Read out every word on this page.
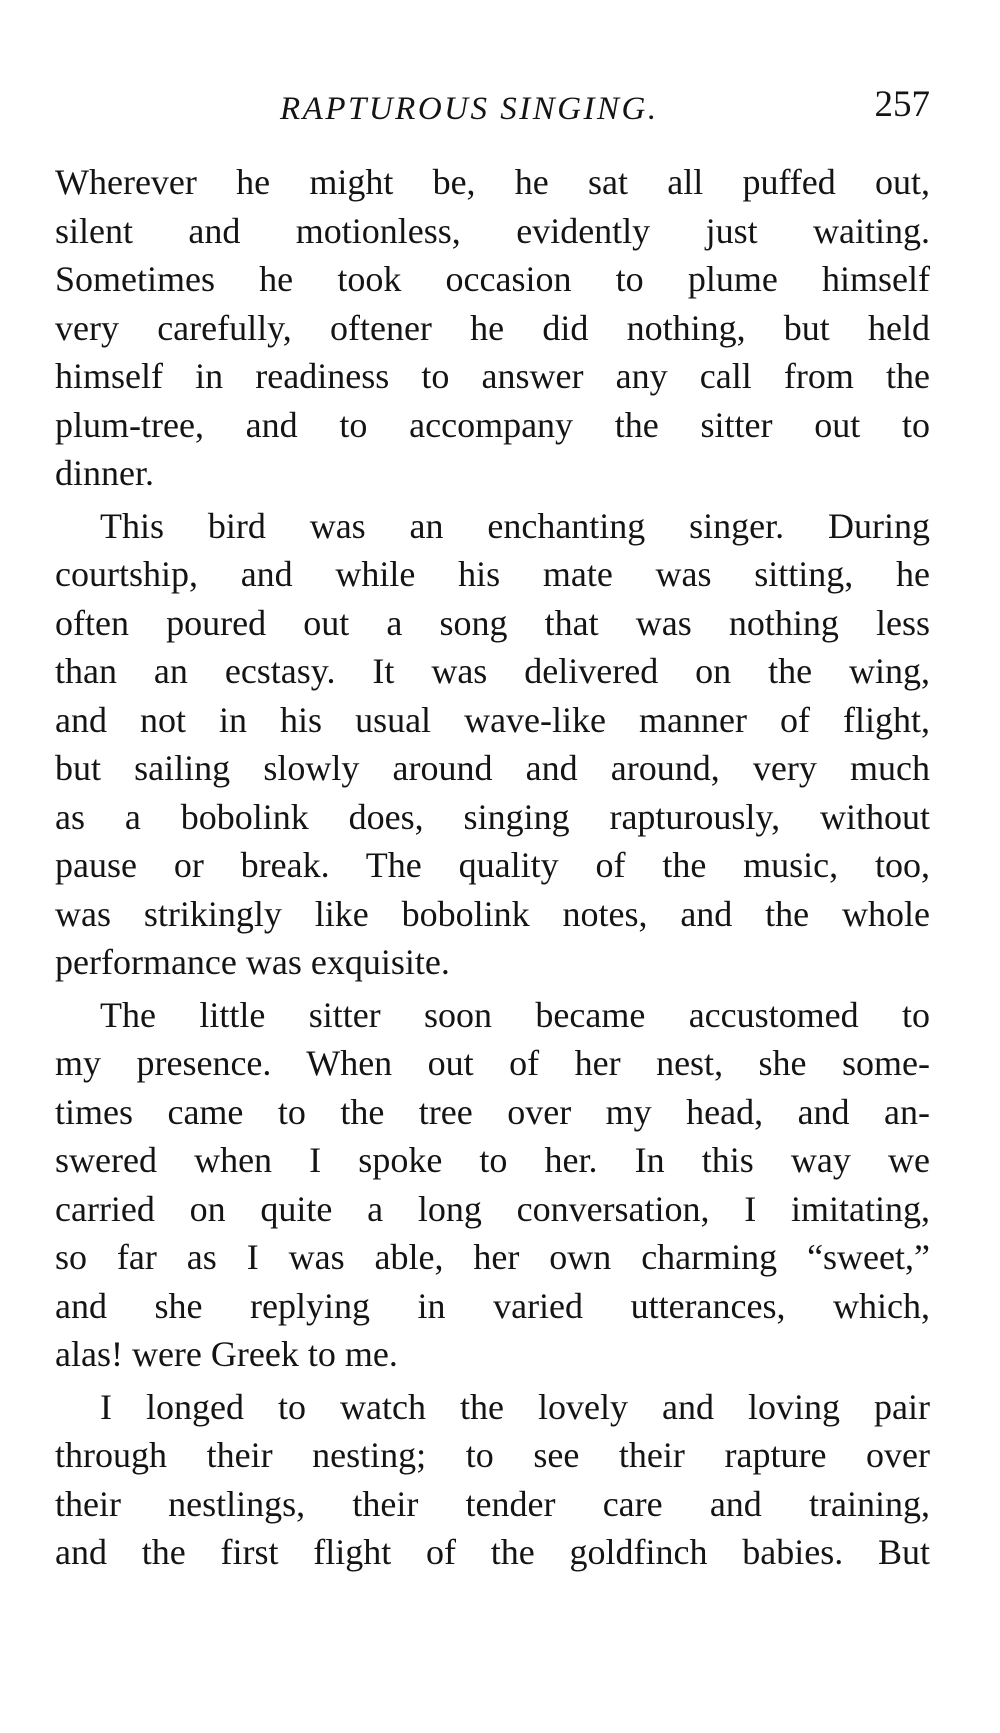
RAPTUROUS SINGING.	257

Wherever he might be, he sat all puffed out,
silent and motionless, evidently just waiting.
Sometimes he took occasion to plume himself
very carefully, oftener he did nothing, but held
himself in readiness to answer any call from the
plum-tree, and to accompany the sitter out to
dinner.

This bird was an enchanting singer. During
courtship, and while his mate was sitting, he
often poured out a song that was nothing less
than an ecstasy. It was delivered on the wing,
and not in his usual wave-like manner of flight,
but sailing slowly around and around, very much
as a bobolink does, singing rapturously, without
pause or break. The quality of the music, too,
was strikingly like bobolink notes, and the whole
performance was exquisite.

The little sitter soon became accustomed to
my presence. When out of her nest, she some-
times came to the tree over my head, and an-
swered when I spoke to her. In this way we
carried on quite a long conversation, I imitating,
so far as I was able, her own charming “sweet,”
and she replying in varied utterances, which,
alas! were Greek to me.

I longed to watch the lovely and loving pair
through their nesting; to see their rapture over
their nestlings, their tender care and training,
and the first flight of the goldfinch babies. But
